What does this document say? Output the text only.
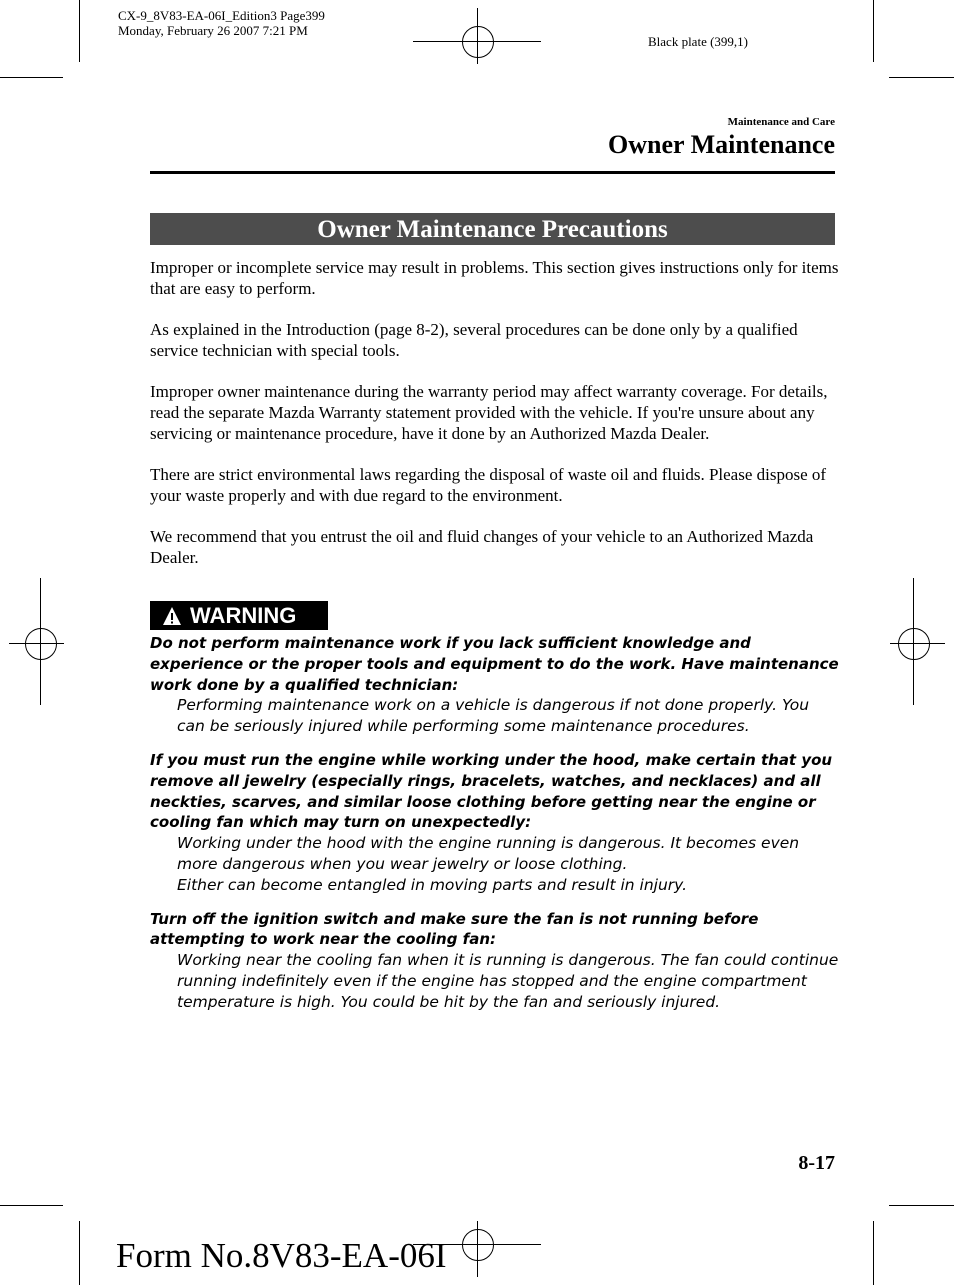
CX-9_8V83-EA-06I_Edition3 Page399
Monday, February 26 2007 7:21 PM
Black plate (399,1)
Maintenance and Care
Owner Maintenance
Owner Maintenance Precautions

Improper or incomplete service may result in problems. This section gives instructions only for items that are easy to perform.

As explained in the Introduction (page 8-2), several procedures can be done only by a qualified service technician with special tools.

Improper owner maintenance during the warranty period may affect warranty coverage. For details, read the separate Mazda Warranty statement provided with the vehicle. If you're unsure about any servicing or maintenance procedure, have it done by an Authorized Mazda Dealer.

There are strict environmental laws regarding the disposal of waste oil and fluids. Please dispose of your waste properly and with due regard to the environment.

We recommend that you entrust the oil and fluid changes of your vehicle to an Authorized Mazda Dealer.

WARNING
Do not perform maintenance work if you lack sufficient knowledge and experience or the proper tools and equipment to do the work. Have maintenance work done by a qualified technician:
Performing maintenance work on a vehicle is dangerous if not done properly. You can be seriously injured while performing some maintenance procedures.
If you must run the engine while working under the hood, make certain that you remove all jewelry (especially rings, bracelets, watches, and necklaces) and all neckties, scarves, and similar loose clothing before getting near the engine or cooling fan which may turn on unexpectedly:
Working under the hood with the engine running is dangerous. It becomes even more dangerous when you wear jewelry or loose clothing.
Either can become entangled in moving parts and result in injury.
Turn off the ignition switch and make sure the fan is not running before attempting to work near the cooling fan:
Working near the cooling fan when it is running is dangerous. The fan could continue running indefinitely even if the engine has stopped and the engine compartment temperature is high. You could be hit by the fan and seriously injured.
8-17
Form No.8V83-EA-06I
